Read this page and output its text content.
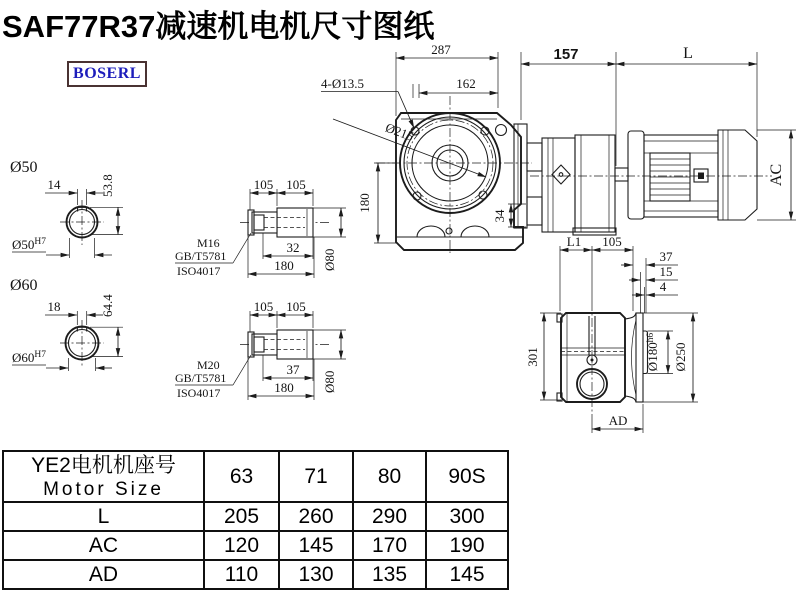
SAF77R37减速机电机尺寸图纸
BOSERL
287
162
157	L
4-Ø13.5
Ø215
180
34
AC
Ø50
14	53.8
$Ø50^{H7}$
Ø60
18	64.4
$Ø60^{H7}$
105 105
32
180 Ø80
M16
GB/T5781
ISO4017
105 105
37
180 Ø80
M20
GB/T5781
ISO4017
L1 105
37
15
4
$Ø180^{h6}$
Ø250
301
AD
YE2电机机座号
Motor Size	63	71	80	90S
L	205	260	290	300
AC	120	145	170	190
AD	110	130	135	145
